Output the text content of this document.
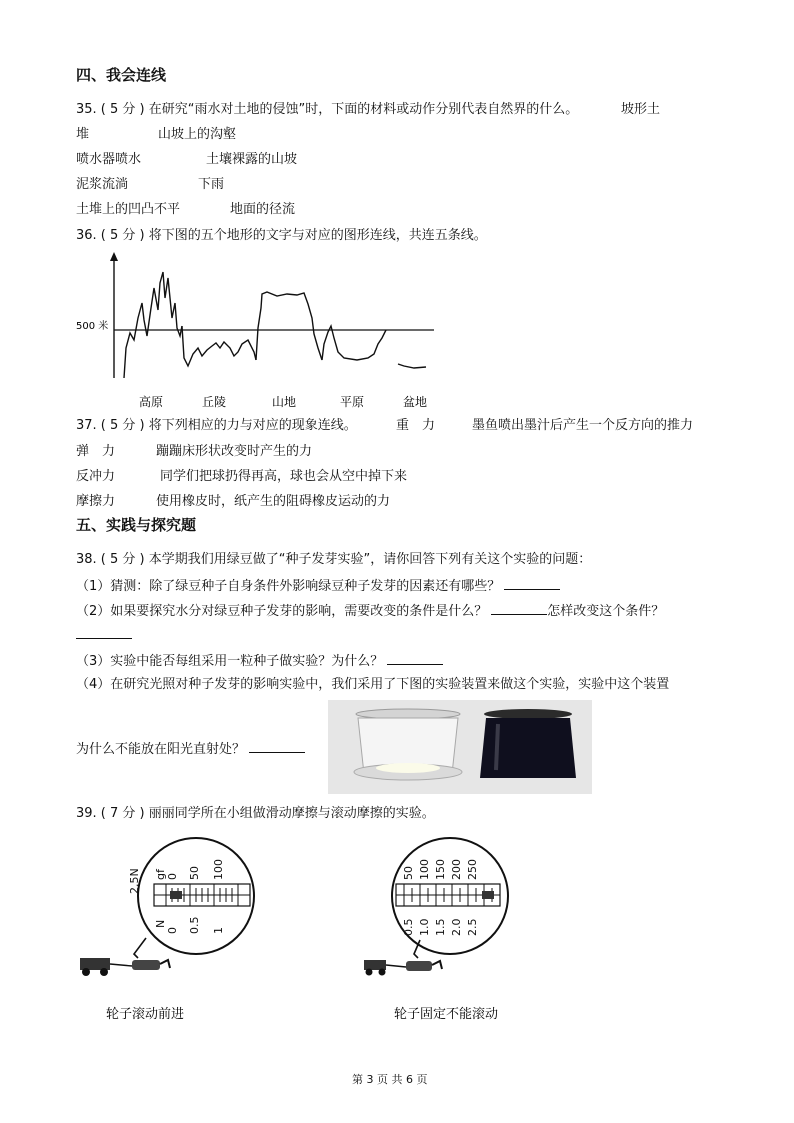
四、我会连线
35. ( 5 分 ) 在研究“雨水对土地的侵蚀”时，下面的材料或动作分别代表自然界的什么。	坡形土
堆	山坡上的沟壑
喷水器喷水	土壤裸露的山坡
泥浆流淌	下雨
土堆上的凹凸不平	地面的径流
36. ( 5 分 ) 将下图的五个地形的文字与对应的图形连线，共连五条线。
500 米
高原	丘陵	山地	平原	盆地
37. ( 5 分 ) 将下列相应的力与对应的现象连线。	重　力	墨鱼喷出墨汁后产生一个反方向的推力
弹　力	蹦蹦床形状改变时产生的力
反冲力	同学们把球扔得再高，球也会从空中掉下来
摩擦力	使用橡皮时，纸产生的阻碍橡皮运动的力
五、实践与探究题
38. ( 5 分 ) 本学期我们用绿豆做了“种子发芽实验”，请你回答下列有关这个实验的问题：
（1）猜测：除了绿豆种子自身条件外影响绿豆种子发芽的因素还有哪些？
（2）如果要探究水分对绿豆种子发芽的影响，需要改变的条件是什么？	怎样改变这个条件？
（3）实验中能否每组采用一粒种子做实验？为什么？
（4）在研究光照对种子发芽的影响实验中，我们采用了下图的实验装置来做这个实验，实验中这个装置
为什么不能放在阳光直射处？
39. ( 7 分 ) 丽丽同学所在小组做滑动摩擦与滚动摩擦的实验。
2.5N gf
N
0 50 100
0 0.5 1
轮子滚动前进
50 100 150 200 250
0.5 1.0 1.5 2.0 2.5
轮子固定不能滚动
第 3 页 共 6 页
